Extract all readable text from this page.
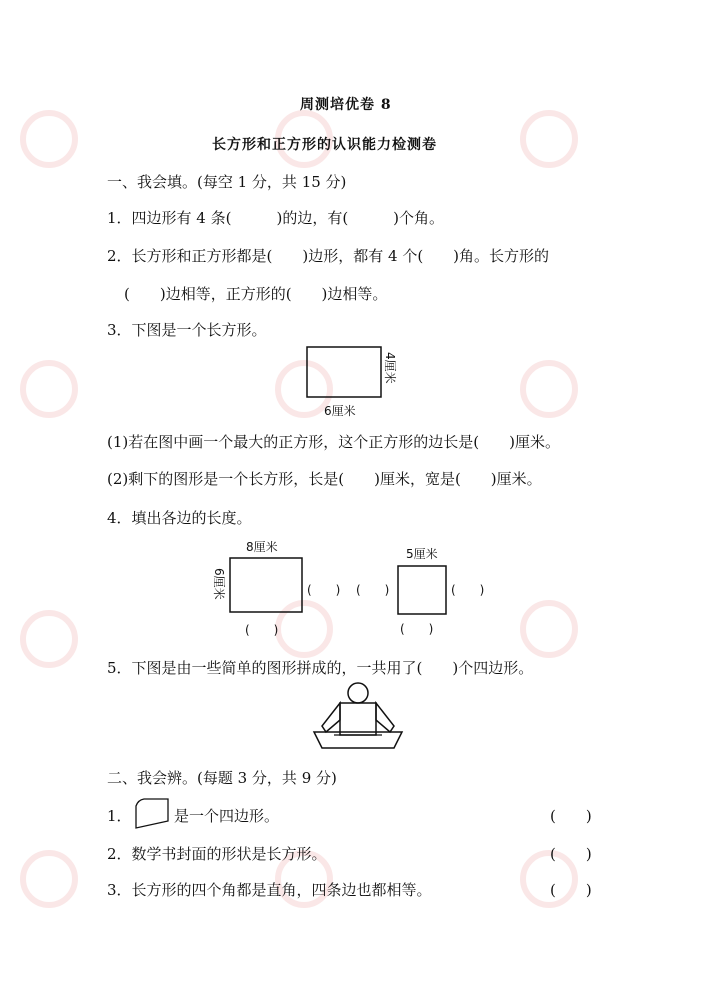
周测培优卷 8
长方形和正方形的认识能力检测卷
一、我会填。(每空 1 分，共 15 分)
1．四边形有 4 条(　　　)的边，有(　　　)个角。
2．长方形和正方形都是(　　)边形，都有 4 个(　　)角。长方形的
(　　)边相等，正方形的(　　)边相等。
3．下图是一个长方形。
6厘米
4厘米
(1)若在图中画一个最大的正方形，这个正方形的边长是(　　)厘米。
(2)剩下的图形是一个长方形，长是(　　)厘米，宽是(　　)厘米。
4．填出各边的长度。
8厘米
6厘米	(　　)
(　　)
(　　)
5厘米
(　　)
(　　)
5．下图是由一些简单的图形拼成的，一共用了(　　)个四边形。
二、我会辨。(每题 3 分，共 9 分)
1．	是一个四边形。	(　　)
2．数学书封面的形状是长方形。	(　　)
3．长方形的四个角都是直角，四条边也都相等。	(　　)
